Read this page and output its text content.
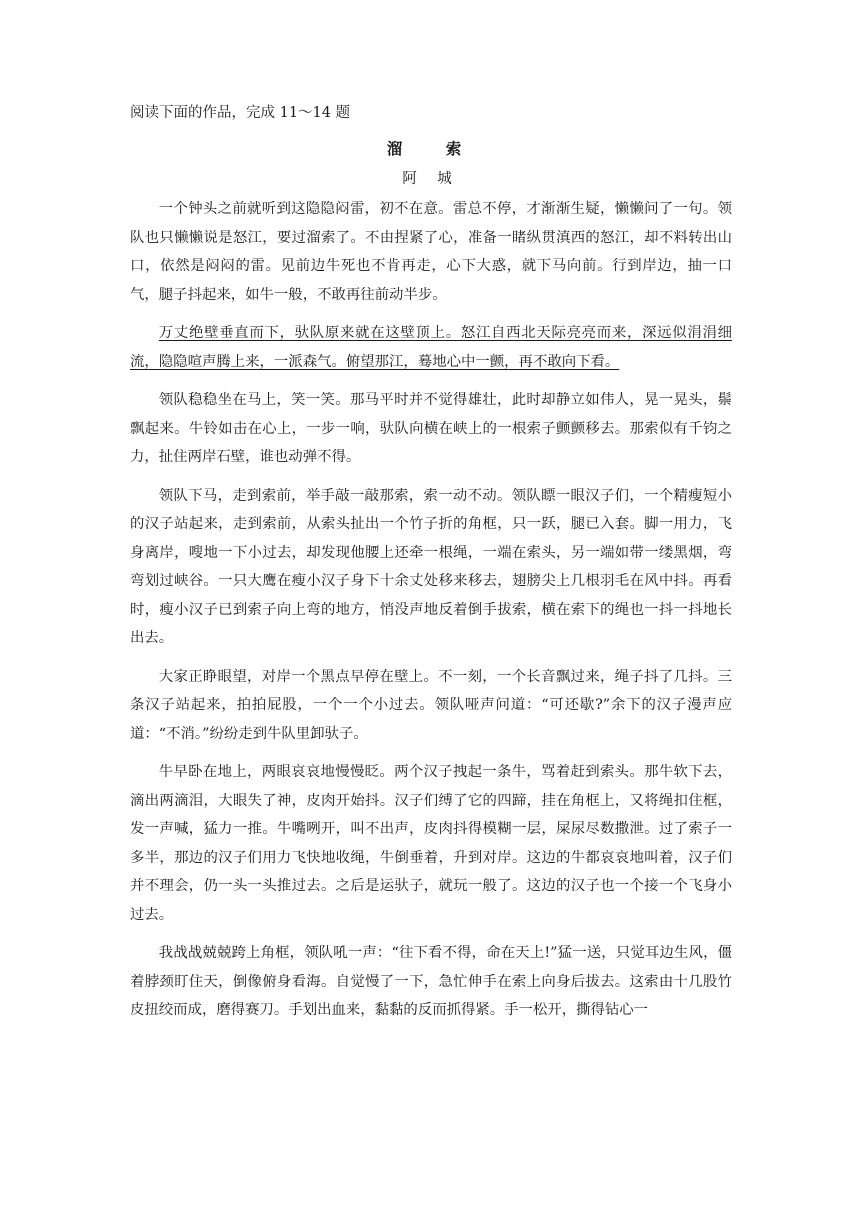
阅读下面的作品，完成 11～14 题

溜　索

阿 城

一个钟头之前就听到这隐隐闷雷，初不在意。雷总不停，才渐渐生疑，懒懒问了一句。领队也只懒懒说是怒江，要过溜索了。不由捏紧了心，准备一睹纵贯滇西的怒江，却不料转出山口，依然是闷闷的雷。见前边牛死也不肯再走，心下大惑，就下马向前。行到岸边，抽一口气，腿子抖起来，如牛一般，不敢再往前动半步。

万丈绝壁垂直而下，驮队原来就在这壁顶上。怒江自西北天际亮亮而来，深远似涓涓细流，隐隐喧声腾上来，一派森气。俯望那江，蓦地心中一颤，再不敢向下看。

领队稳稳坐在马上，笑一笑。那马平时并不觉得雄壮，此时却静立如伟人，晃一晃头，鬃飘起来。牛铃如击在心上，一步一响，驮队向横在峡上的一根索子颤颤移去。那索似有千钧之力，扯住两岸石壁，谁也动弹不得。

领队下马，走到索前，举手敲一敲那索，索一动不动。领队瞟一眼汉子们，一个精瘦短小的汉子站起来，走到索前，从索头扯出一个竹子折的角框，只一跃，腿已入套。脚一用力，飞身离岸，嗖地一下小过去，却发现他腰上还牵一根绳，一端在索头，另一端如带一缕黑烟，弯弯划过峡谷。一只大鹰在瘦小汉子身下十余丈处移来移去，翅膀尖上几根羽毛在风中抖。再看时，瘦小汉子已到索子向上弯的地方，悄没声地反着倒手拔索，横在索下的绳也一抖一抖地长出去。

大家正睁眼望，对岸一个黑点早停在壁上。不一刻，一个长音飘过来，绳子抖了几抖。三条汉子站起来，拍拍屁股，一个一个小过去。领队哑声问道：“可还歇?”余下的汉子漫声应道：“不消。”纷纷走到牛队里卸驮子。

牛早卧在地上，两眼哀哀地慢慢眨。两个汉子拽起一条牛，骂着赶到索头。那牛软下去，滴出两滴泪，大眼失了神，皮肉开始抖。汉子们缚了它的四蹄，挂在角框上，又将绳扣住框，发一声喊，猛力一推。牛嘴咧开，叫不出声，皮肉抖得模糊一层，屎尿尽数撒泄。过了索子一多半，那边的汉子们用力飞快地收绳，牛倒垂着，升到对岸。这边的牛都哀哀地叫着，汉子们并不理会，仍一头一头推过去。之后是运驮子，就玩一般了。这边的汉子也一个接一个飞身小过去。

我战战兢兢跨上角框，领队吼一声：“往下看不得，命在天上!”猛一送，只觉耳边生风，僵着脖颈盯住天，倒像俯身看海。自觉慢了一下，急忙伸手在索上向身后拔去。这索由十几股竹皮扭绞而成，磨得赛刀。手划出血来，黏黏的反而抓得紧。手一松开，撕得钻心一
